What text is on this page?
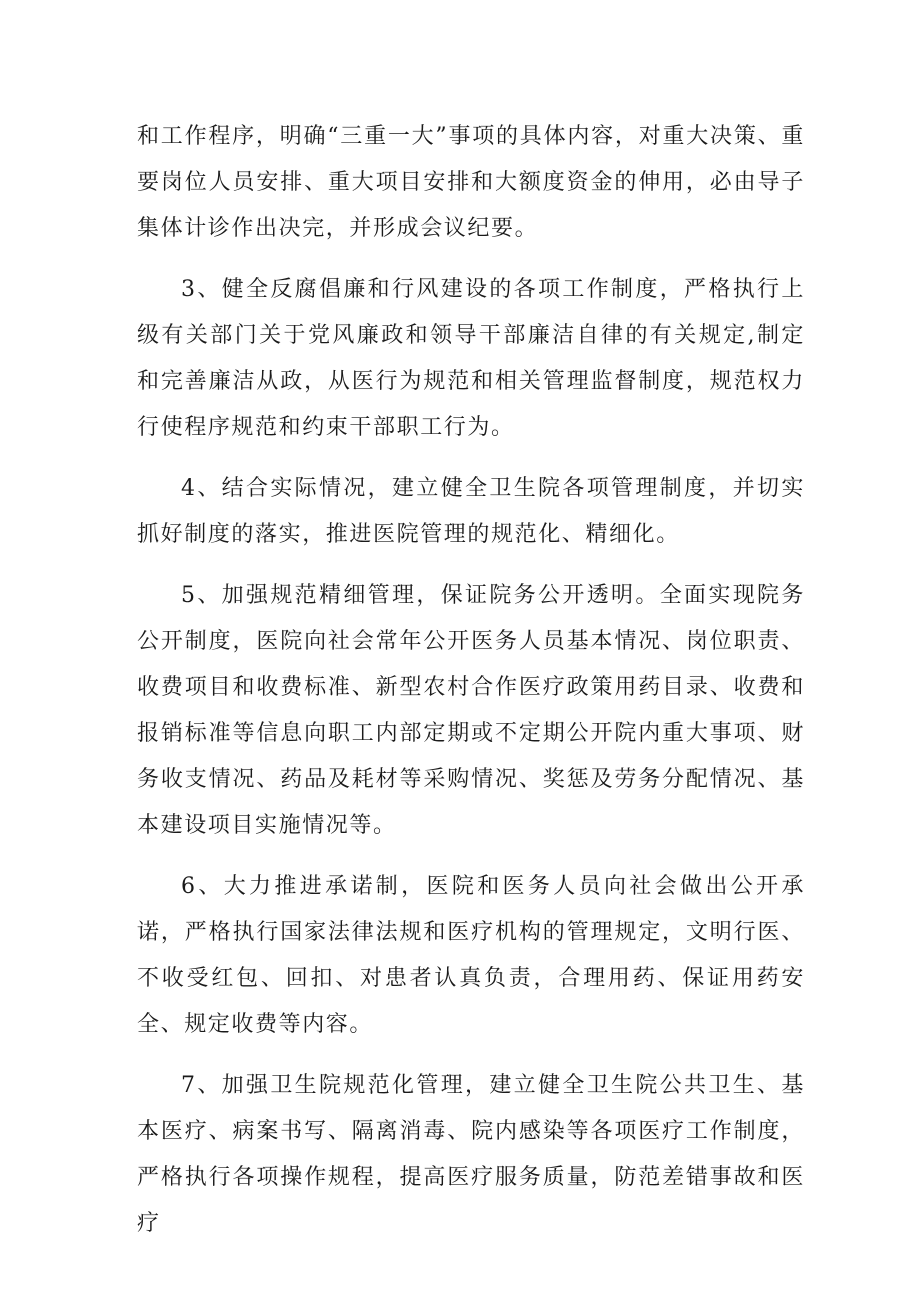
和工作程序，明确“三重一大”事项的具体内容，对重大决策、重要岗位人员安排、重大项目安排和大额度资金的伸用，必由导子集体计诊作出决完，并形成会议纪要。

3、健全反腐倡廉和行风建设的各项工作制度，严格执行上级有关部门关于党风廉政和领导干部廉洁自律的有关规定,制定和完善廉洁从政，从医行为规范和相关管理监督制度，规范权力行使程序规范和约束干部职工行为。

4、结合实际情况，建立健全卫生院各项管理制度，并切实抓好制度的落实，推进医院管理的规范化、精细化。

5、加强规范精细管理，保证院务公开透明。全面实现院务公开制度，医院向社会常年公开医务人员基本情况、岗位职责、收费项目和收费标准、新型农村合作医疗政策用药目录、收费和报销标准等信息向职工内部定期或不定期公开院内重大事项、财务收支情况、药品及耗材等采购情况、奖惩及劳务分配情况、基本建设项目实施情况等。

6、大力推进承诺制，医院和医务人员向社会做出公开承诺，严格执行国家法律法规和医疗机构的管理规定，文明行医、不收受红包、回扣、对患者认真负责，合理用药、保证用药安全、规定收费等内容。

7、加强卫生院规范化管理，建立健全卫生院公共卫生、基本医疗、病案书写、隔离消毒、院内感染等各项医疗工作制度，严格执行各项操作规程，提高医疗服务质量，防范差错事故和医疗
